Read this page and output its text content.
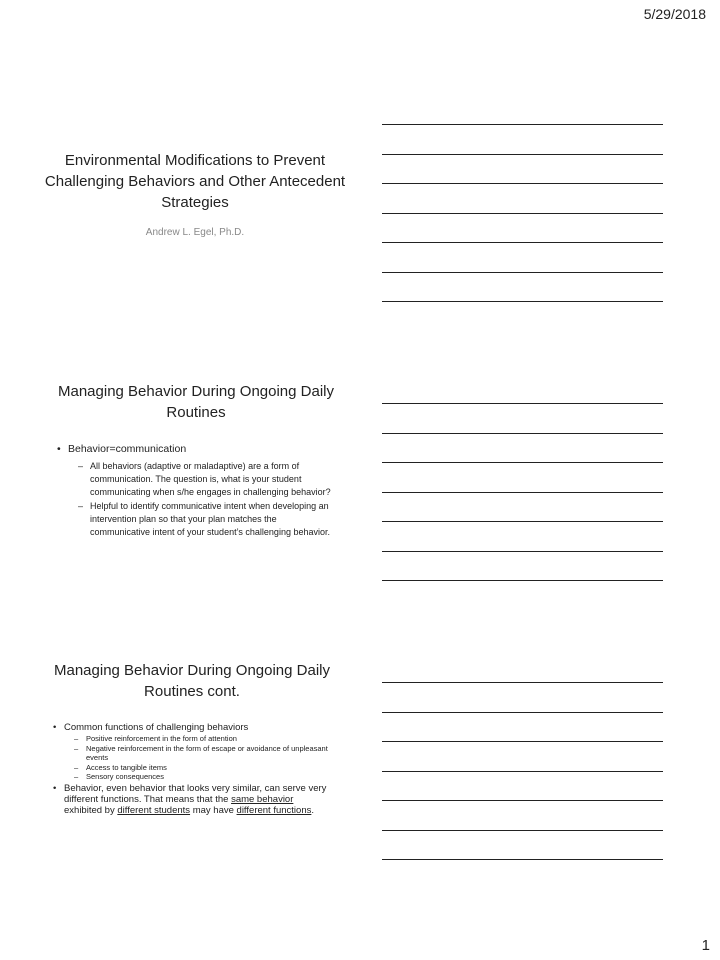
5/29/2018
Environmental Modifications to Prevent Challenging Behaviors and Other Antecedent Strategies
Andrew L. Egel, Ph.D.
Managing Behavior During Ongoing Daily Routines
• Behavior=communication
– All behaviors (adaptive or maladaptive) are a form of communication. The question is, what is your student communicating when s/he engages in challenging behavior?
– Helpful to identify communicative intent when developing an intervention plan so that your plan matches the communicative intent of your student’s challenging behavior.
Managing Behavior During Ongoing Daily Routines cont.
• Common functions of challenging behaviors
– Positive reinforcement in the form of attention
– Negative reinforcement in the form of escape or avoidance of unpleasant events
– Access to tangible items
– Sensory consequences
• Behavior, even behavior that looks very similar, can serve very different functions. That means that the same behavior exhibited by different students may have different functions.
1
